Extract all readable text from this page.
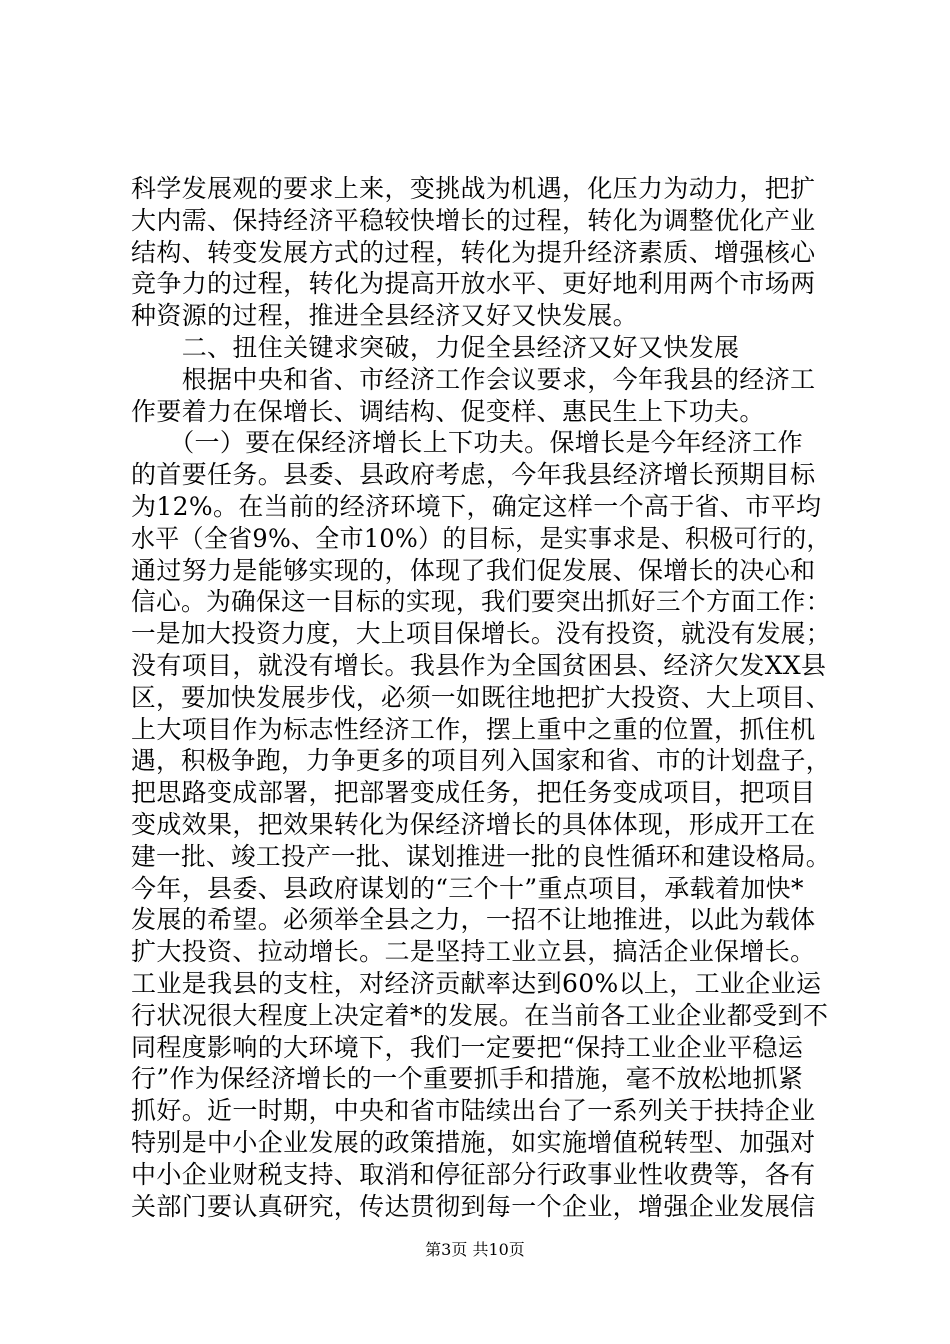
科学发展观的要求上来，变挑战为机遇，化压力为动力，把扩
大内需、保持经济平稳较快增长的过程，转化为调整优化产业
结构、转变发展方式的过程，转化为提升经济素质、增强核心
竞争力的过程，转化为提高开放水平、更好地利用两个市场两
种资源的过程，推进全县经济又好又快发展。
　　二、扭住关键求突破，力促全县经济又好又快发展
　　根据中央和省、市经济工作会议要求，今年我县的经济工
作要着力在保增长、调结构、促变样、惠民生上下功夫。
　　（一）要在保经济增长上下功夫。保增长是今年经济工作
的首要任务。县委、县政府考虑，今年我县经济增长预期目标
为12%。在当前的经济环境下，确定这样一个高于省、市平均
水平（全省9%、全市10%）的目标，是实事求是、积极可行的，
通过努力是能够实现的，体现了我们促发展、保增长的决心和
信心。为确保这一目标的实现，我们要突出抓好三个方面工作：
一是加大投资力度，大上项目保增长。没有投资，就没有发展；
没有项目，就没有增长。我县作为全国贫困县、经济欠发XX县
区，要加快发展步伐，必须一如既往地把扩大投资、大上项目、
上大项目作为标志性经济工作，摆上重中之重的位置，抓住机
遇，积极争跑，力争更多的项目列入国家和省、市的计划盘子，
把思路变成部署，把部署变成任务，把任务变成项目，把项目
变成效果，把效果转化为保经济增长的具体体现，形成开工在
建一批、竣工投产一批、谋划推进一批的良性循环和建设格局。
今年，县委、县政府谋划的“三个十”重点项目，承载着加快*
发展的希望。必须举全县之力，一招不让地推进，以此为载体
扩大投资、拉动增长。二是坚持工业立县，搞活企业保增长。
工业是我县的支柱，对经济贡献率达到60%以上，工业企业运
行状况很大程度上决定着*的发展。在当前各工业企业都受到不
同程度影响的大环境下，我们一定要把“保持工业企业平稳运
行”作为保经济增长的一个重要抓手和措施，毫不放松地抓紧
抓好。近一时期，中央和省市陆续出台了一系列关于扶持企业
特别是中小企业发展的政策措施，如实施增值税转型、加强对
中小企业财税支持、取消和停征部分行政事业性收费等，各有
关部门要认真研究，传达贯彻到每一个企业，增强企业发展信
第3页 共10页
